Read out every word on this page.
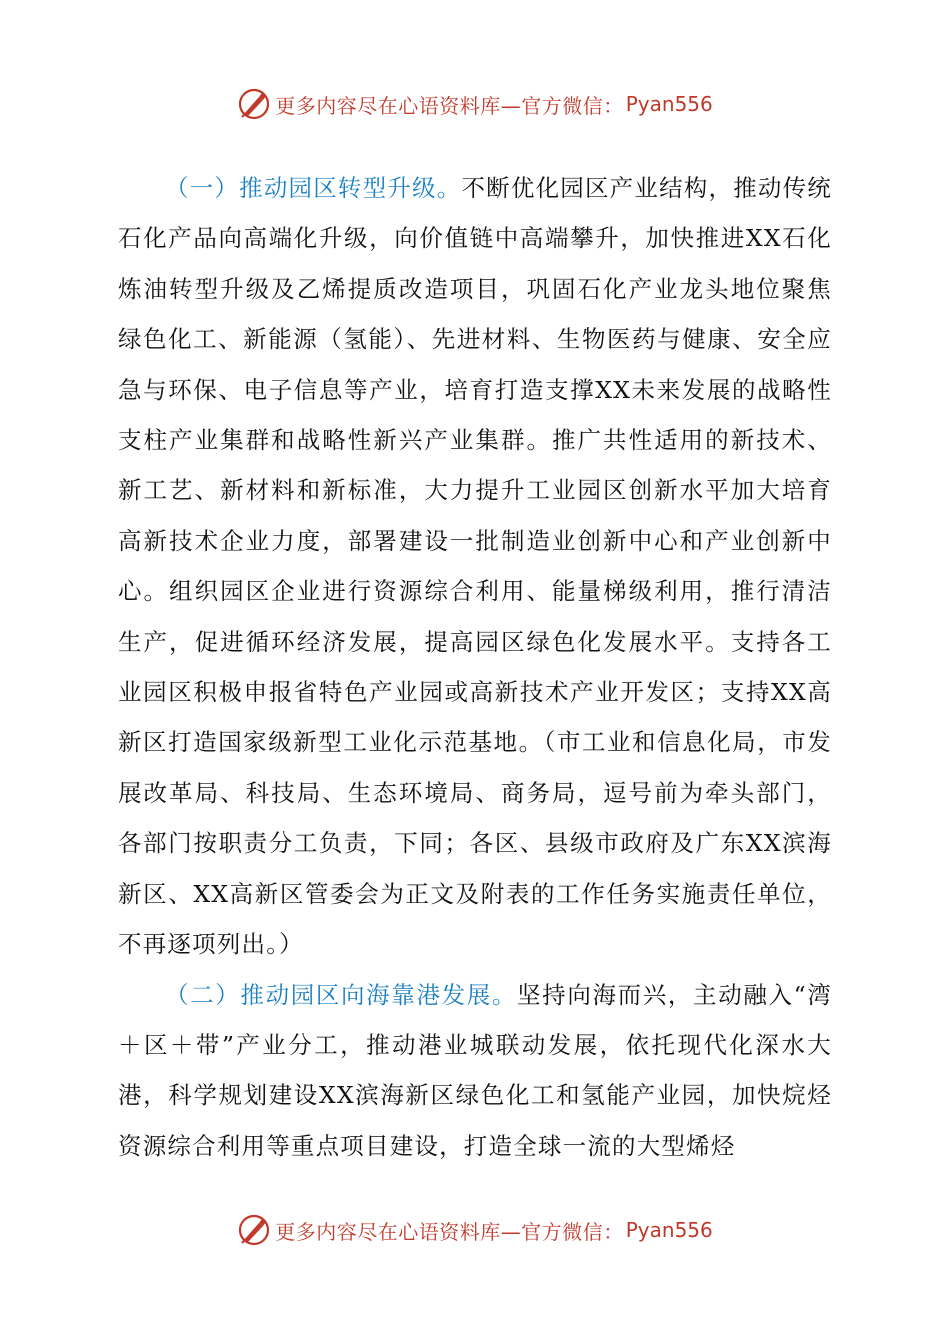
更多内容尽在心语资料库—官方微信： Pyan556

（一）推动园区转型升级。不断优化园区产业结构，推动传统石化产品向高端化升级，向价值链中高端攀升，加快推进XX石化炼油转型升级及乙烯提质改造项目，巩固石化产业龙头地位聚焦绿色化工、新能源（氢能）、先进材料、生物医药与健康、安全应急与环保、电子信息等产业，培育打造支撑XX未来发展的战略性支柱产业集群和战略性新兴产业集群。推广共性适用的新技术、新工艺、新材料和新标准，大力提升工业园区创新水平加大培育高新技术企业力度，部署建设一批制造业创新中心和产业创新中心。组织园区企业进行资源综合利用、能量梯级利用，推行清洁生产，促进循环经济发展，提高园区绿色化发展水平。支持各工业园区积极申报省特色产业园或高新技术产业开发区；支持XX高新区打造国家级新型工业化示范基地。（市工业和信息化局，市发展改革局、科技局、生态环境局、商务局，逗号前为牵头部门，各部门按职责分工负责，下同；各区、县级市政府及广东XX滨海新区、XX高新区管委会为正文及附表的工作任务实施责任单位，不再逐项列出。）

（二）推动园区向海靠港发展。坚持向海而兴，主动融入“湾＋区＋带”产业分工，推动港业城联动发展，依托现代化深水大港，科学规划建设XX滨海新区绿色化工和氢能产业园，加快烷烃资源综合利用等重点项目建设，打造全球一流的大型烯烃

更多内容尽在心语资料库—官方微信： Pyan556
